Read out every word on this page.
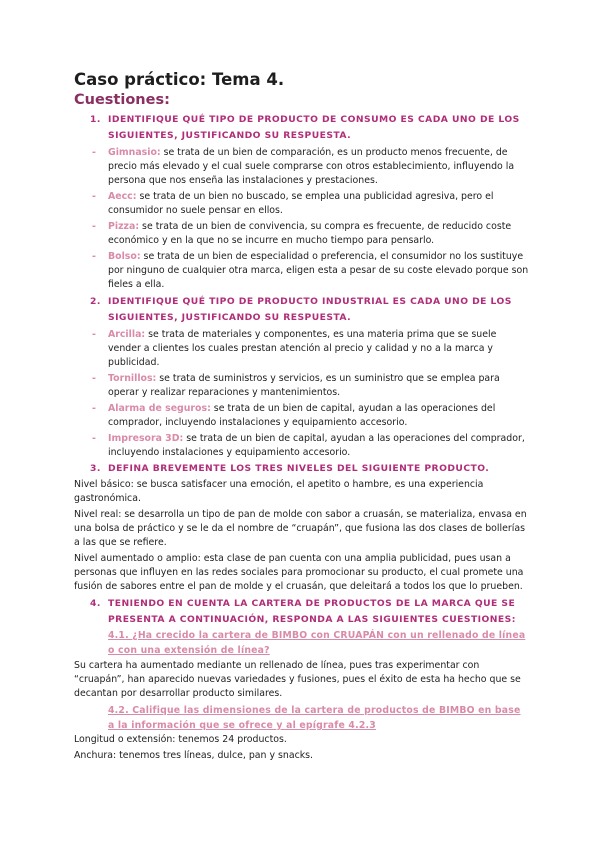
Caso práctico: Tema 4.
Cuestiones:

1. IDENTIFIQUE QUÉ TIPO DE PRODUCTO DE CONSUMO ES CADA UNO DE LOS SIGUIENTES, JUSTIFICANDO SU RESPUESTA.

- Gimnasio: se trata de un bien de comparación, es un producto menos frecuente, de precio más elevado y el cual suele comprarse con otros establecimiento, influyendo la persona que nos enseña las instalaciones y prestaciones.

- Aecc: se trata de un bien no buscado, se emplea una publicidad agresiva, pero el consumidor no suele pensar en ellos.

- Pizza: se trata de un bien de convivencia, su compra es frecuente, de reducido coste económico y en la que no se incurre en mucho tiempo para pensarlo.

- Bolso: se trata de un bien de especialidad o preferencia, el consumidor no los sustituye por ninguno de cualquier otra marca, eligen esta a pesar de su coste elevado porque son fieles a ella.

2. IDENTIFIQUE QUÉ TIPO DE PRODUCTO INDUSTRIAL ES CADA UNO DE LOS SIGUIENTES, JUSTIFICANDO SU RESPUESTA.

- Arcilla: se trata de materiales y componentes, es una materia prima que se suele vender a clientes los cuales prestan atención al precio y calidad y no a la marca y publicidad.

- Tornillos: se trata de suministros y servicios, es un suministro que se emplea para operar y realizar reparaciones y mantenimientos.

- Alarma de seguros: se trata de un bien de capital, ayudan a las operaciones del comprador, incluyendo instalaciones y equipamiento accesorio.

- Impresora 3D: se trata de un bien de capital, ayudan a las operaciones del comprador, incluyendo instalaciones y equipamiento accesorio.

3. DEFINA BREVEMENTE LOS TRES NIVELES DEL SIGUIENTE PRODUCTO.

Nivel básico: se busca satisfacer una emoción, el apetito o hambre, es una experiencia gastronómica.

Nivel real: se desarrolla un tipo de pan de molde con sabor a cruasán, se materializa, envasa en una bolsa de práctico y se le da el nombre de “cruapán”, que fusiona las dos clases de bollerías a las que se refiere.

Nivel aumentado o amplio: esta clase de pan cuenta con una amplia publicidad, pues usan a personas que influyen en las redes sociales para promocionar su producto, el cual promete una fusión de sabores entre el pan de molde y el cruasán, que deleitará a todos los que lo prueben.

4. TENIENDO EN CUENTA LA CARTERA DE PRODUCTOS DE LA MARCA QUE SE PRESENTA A CONTINUACIÓN, RESPONDA A LAS SIGUIENTES CUESTIONES:

4.1. ¿Ha crecido la cartera de BIMBO con CRUAPÁN con un rellenado de línea o con una extensión de línea?

Su cartera ha aumentado mediante un rellenado de línea, pues tras experimentar con “cruapán”, han aparecido nuevas variedades y fusiones, pues el éxito de esta ha hecho que se decantan por desarrollar producto similares.

4.2. Califique las dimensiones de la cartera de productos de BIMBO en base a la información que se ofrece y al epígrafe 4.2.3

Longitud o extensión: tenemos 24 productos.

Anchura: tenemos tres líneas, dulce, pan y snacks.
